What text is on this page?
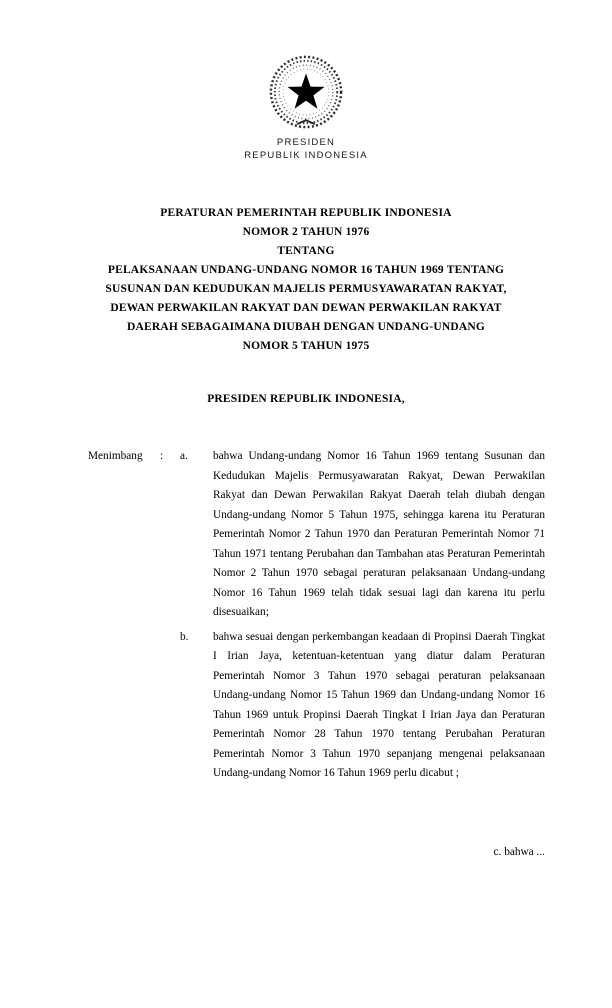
PRESIDEN
REPUBLIK INDONESIA
PERATURAN PEMERINTAH REPUBLIK INDONESIA
NOMOR 2 TAHUN 1976
TENTANG
PELAKSANAAN UNDANG-UNDANG NOMOR 16 TAHUN 1969 TENTANG
SUSUNAN DAN KEDUDUKAN MAJELIS PERMUSYAWARATAN RAKYAT,
DEWAN PERWAKILAN RAKYAT DAN DEWAN PERWAKILAN RAKYAT
DAERAH SEBAGAIMANA DIUBAH DENGAN UNDANG-UNDANG
NOMOR 5 TAHUN 1975
PRESIDEN REPUBLIK INDONESIA,
Menimbang	:	a.	bahwa Undang-undang Nomor 16 Tahun 1969 tentang Susunan dan Kedudukan Majelis Permusyawaratan Rakyat, Dewan Perwakilan Rakyat dan Dewan Perwakilan Rakyat Daerah telah diubah dengan Undang-undang Nomor 5 Tahun 1975, sehingga karena itu Peraturan Pemerintah Nomor 2 Tahun 1970 dan Peraturan Pemerintah Nomor 71 Tahun 1971 tentang Perubahan dan Tambahan atas Peraturan Pemerintah Nomor 2 Tahun 1970 sebagai peraturan pelaksanaan Undang-undang Nomor 16 Tahun 1969 telah tidak sesuai lagi dan karena itu perlu disesuaikan;
b.	bahwa sesuai dengan perkembangan keadaan di Propinsi Daerah Tingkat I Irian Jaya, ketentuan-ketentuan yang diatur dalam Peraturan Pemerintah Nomor 3 Tahun 1970 sebagai peraturan pelaksanaan Undang-undang Nomor 15 Tahun 1969 dan Undang-undang Nomor 16 Tahun 1969 untuk Propinsi Daerah Tingkat I Irian Jaya dan Peraturan Pemerintah Nomor 28 Tahun 1970 tentang Perubahan Peraturan Pemerintah Nomor 3 Tahun 1970 sepanjang mengenai pelaksanaan Undang-undang Nomor 16 Tahun 1969 perlu dicabut ;
c. bahwa ...
